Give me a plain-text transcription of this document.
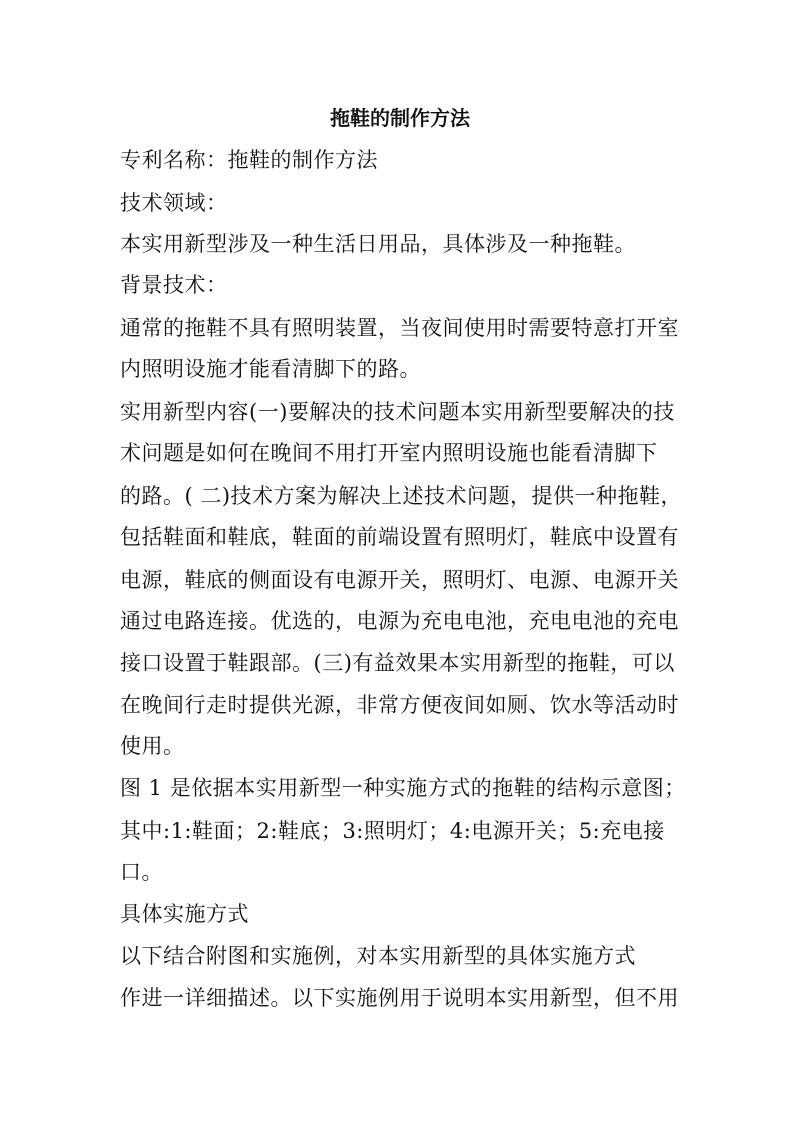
拖鞋的制作方法
专利名称：拖鞋的制作方法
技术领域：
本实用新型涉及一种生活日用品，具体涉及一种拖鞋。
背景技术：
通常的拖鞋不具有照明装置，当夜间使用时需要特意打开室
内照明设施才能看清脚下的路。
实用新型内容(一)要解决的技术问题本实用新型要解决的技
术问题是如何在晚间不用打开室内照明设施也能看清脚下
的路。( 二)技术方案为解决上述技术问题，提供一种拖鞋，
包括鞋面和鞋底，鞋面的前端设置有照明灯，鞋底中设置有
电源，鞋底的侧面设有电源开关，照明灯、电源、电源开关
通过电路连接。优选的，电源为充电电池，充电电池的充电
接口设置于鞋跟部。(三)有益效果本实用新型的拖鞋，可以
在晚间行走时提供光源，非常方便夜间如厕、饮水等活动时
使用。
图 1 是依据本实用新型一种实施方式的拖鞋的结构示意图；
其中:1:鞋面；2:鞋底；3:照明灯；4:电源开关；5:充电接
口。
具体实施方式
以下结合附图和实施例，对本实用新型的具体实施方式
作进一详细描述。以下实施例用于说明本实用新型，但不用
